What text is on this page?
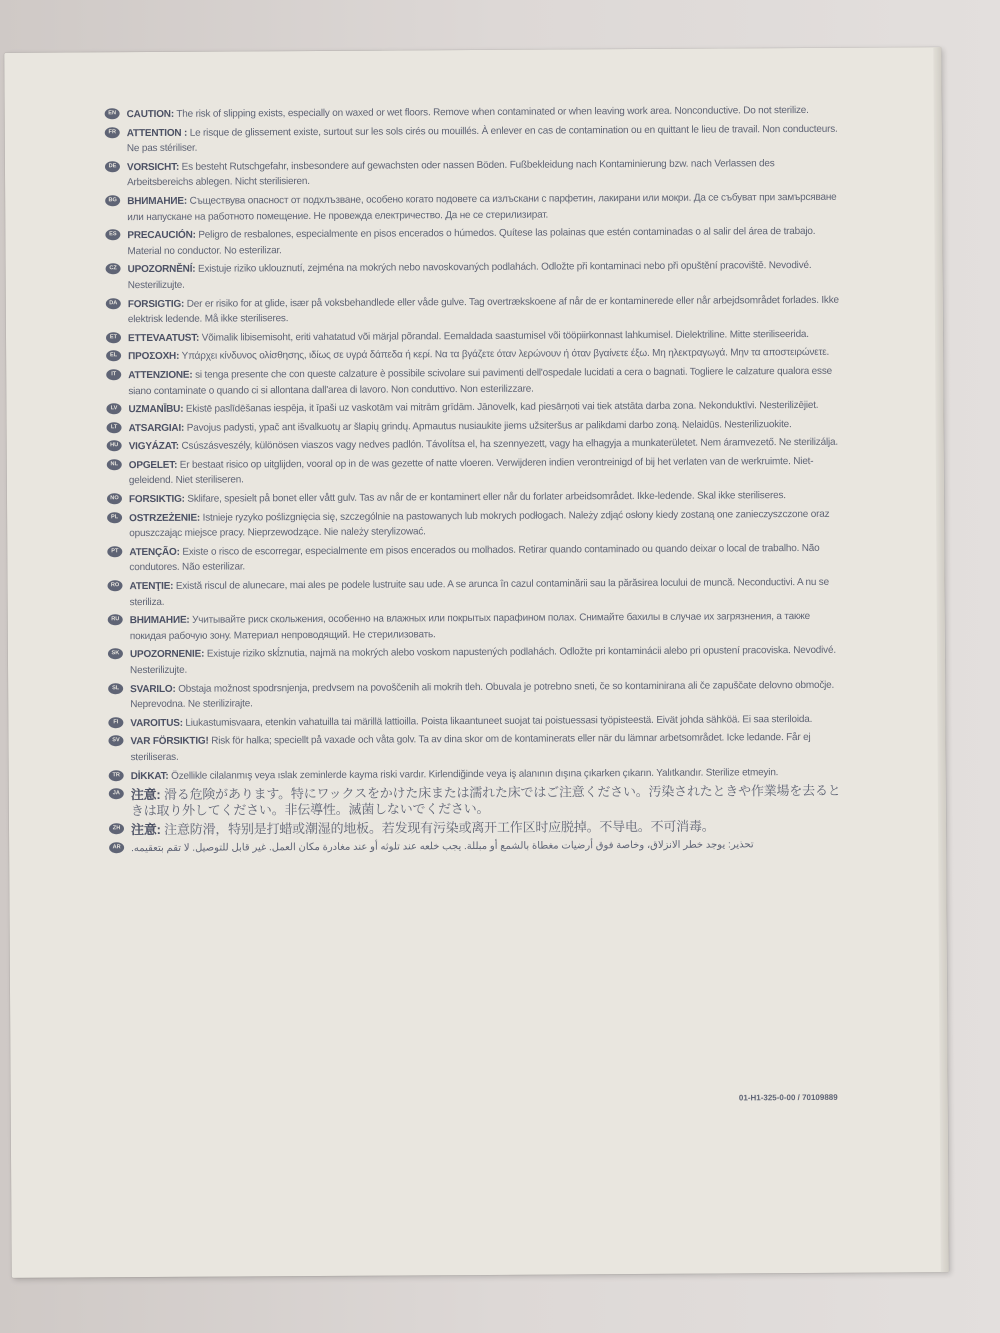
EN	CAUTION: The risk of slipping exists, especially on waxed or wet floors. Remove when contaminated or when leaving work area. Nonconductive. Do not sterilize.
FR	ATTENTION : Le risque de glissement existe, surtout sur les sols cirés ou mouillés. À enlever en cas de contamination ou en quittant le lieu de travail. Non conducteurs. Ne pas stériliser.
DE	VORSICHT: Es besteht Rutschgefahr, insbesondere auf gewachsten oder nassen Böden. Fußbekleidung nach Kontaminierung bzw. nach Verlassen des Arbeitsbereichs ablegen. Nicht sterilisieren.
BG	ВНИМАНИЕ: Съществува опасност от подхлъзване, особено когато подовете са излъскани с парфетин, лакирани или мокри. Да се събуват при замърсяване или напускане на работното помещение. Не провежда електричество. Да не се стерилизират.
ES	PRECAUCIÓN: Peligro de resbalones, especialmente en pisos encerados o húmedos. Quítese las polainas que estén contaminadas o al salir del área de trabajo. Material no conductor. No esterilizar.
CZ	UPOZORNĚNÍ: Existuje riziko uklouznutí, zejména na mokrých nebo navoskovaných podlahách. Odložte při kontaminaci nebo při opuštění pracoviště. Nevodivé. Nesterilizujte.
DA	FORSIGTIG: Der er risiko for at glide, især på voksbehandlede eller våde gulve. Tag overtrækskoene af når de er kontaminerede eller når arbejdsområdet forlades. Ikke elektrisk ledende. Må ikke steriliseres.
ET	ETTEVAATUST: Võimalik libisemisoht, eriti vahatatud või märjal põrandal. Eemaldada saastumisel või tööpiirkonnast lahkumisel. Dielektriline. Mitte steriliseerida.
EL	ΠΡΟΣΟΧΗ: Υπάρχει κίνδυνος ολίσθησης, ιδίως σε υγρά δάπεδα ή κερί. Να τα βγάζετε όταν λερώνουν ή όταν βγαίνετε έξω. Μη ηλεκτραγωγά. Μην τα αποστειρώνετε.
IT	ATTENZIONE: si tenga presente che con queste calzature è possibile scivolare sui pavimenti dell'ospedale lucidati a cera o bagnati. Togliere le calzature qualora esse siano contaminate o quando ci si allontana dall'area di lavoro. Non conduttivo. Non esterilizzare.
LV	UZMANĪBU: Ekistē paslīdēšanas iespēja, it īpaši uz vaskotām vai mitrām grīdām. Jānovelk, kad piesārņoti vai tiek atstāta darba zona. Nekonduktīvi. Nesterilizējiet.
LT	ATSARGIAI: Pavojus padysti, ypač ant išvalkuotų ar šlapių grindų. Apmautus nusiaukite jiems užsiteršus ar palikdami darbo zoną. Nelaidūs. Nesterilizuokite.
HU	VIGYÁZAT: Csúszásveszély, különösen viaszos vagy nedves padlón. Távolítsa el, ha szennyezett, vagy ha elhagyja a munkaterületet. Nem áramvezető. Ne sterilizálja.
NL	OPGELET: Er bestaat risico op uitglijden, vooral op in de was gezette of natte vloeren. Verwijderen indien verontreinigd of bij het verlaten van de werkruimte. Niet-geleidend. Niet steriliseren.
NO	FORSIKTIG: Sklifare, spesielt på bonet eller vått gulv. Tas av når de er kontaminert eller når du forlater arbeidsområdet. Ikke-ledende. Skal ikke steriliseres.
PL	OSTRZEŻENIE: Istnieje ryzyko poślizgnięcia się, szczególnie na pastowanych lub mokrych podłogach. Należy zdjąć osłony kiedy zostaną one zanieczyszczone oraz opuszczając miejsce pracy. Nieprzewodzące. Nie należy sterylizować.
PT	ATENÇÃO: Existe o risco de escorregar, especialmente em pisos encerados ou molhados. Retirar quando contaminado ou quando deixar o local de trabalho. Não condutores. Não esterilizar.
RO	ATENŢIE: Există riscul de alunecare, mai ales pe podele lustruite sau ude. A se arunca în cazul contaminării sau la părăsirea locului de muncă. Neconductivi. A nu se steriliza.
RU	ВНИМАНИЕ: Учитывайте риск скольжения, особенно на влажных или покрытых парафином полах. Снимайте бахилы в случае их загрязнения, а также покидая рабочую зону. Материал непроводящий. Не стерилизовать.
SK	UPOZORNENIE: Existuje riziko skĺznutia, najmä na mokrých alebo voskom napustených podlahách. Odložte pri kontaminácii alebo pri opustení pracoviska. Nevodivé. Nesterilizujte.
SL	SVARILO: Obstaja možnost spodrsnjenja, predvsem na povoščenih ali mokrih tleh. Obuvala je potrebno sneti, če so kontaminirana ali če zapuščate delovno območje. Neprevodna. Ne sterilizirajte.
FI	VAROITUS: Liukastumisvaara, etenkin vahatuilla tai märillä lattioilla. Poista likaantuneet suojat tai poistuessasi työpisteestä. Eivät johda sähköä. Ei saa steriloida.
SV	VAR FÖRSIKTIG! Risk för halka; speciellt på vaxade och våta golv. Ta av dina skor om de kontaminerats eller när du lämnar arbetsområdet. Icke ledande. Får ej steriliseras.
TR	DİKKAT: Özellikle cilalanmış veya ıslak zeminlerde kayma riski vardır. Kirlendiğinde veya iş alanının dışına çıkarken çıkarın. Yalıtkandır. Sterilize etmeyin.
JA 注意: 滑る危険があります。特にワックスをかけた床または濡れた床ではご注意ください。汚染されたときや作業場を去るときは取り外してください。非伝導性。滅菌しないでください。
ZH 注意: 注意防滑，特别是打蜡或潮湿的地板。若发现有污染或离开工作区时应脱掉。不导电。不可消毒。
AR	تحذير: يوجد خطر الانزلاق، وخاصة فوق أرضيات مغطاة بالشمع أو مبللة. يجب خلعه عند تلوثه أو عند مغادرة مكان العمل. غير قابل للتوصيل. لا تقم بتعقيمه.
01-H1-325-0-00 / 70109889
